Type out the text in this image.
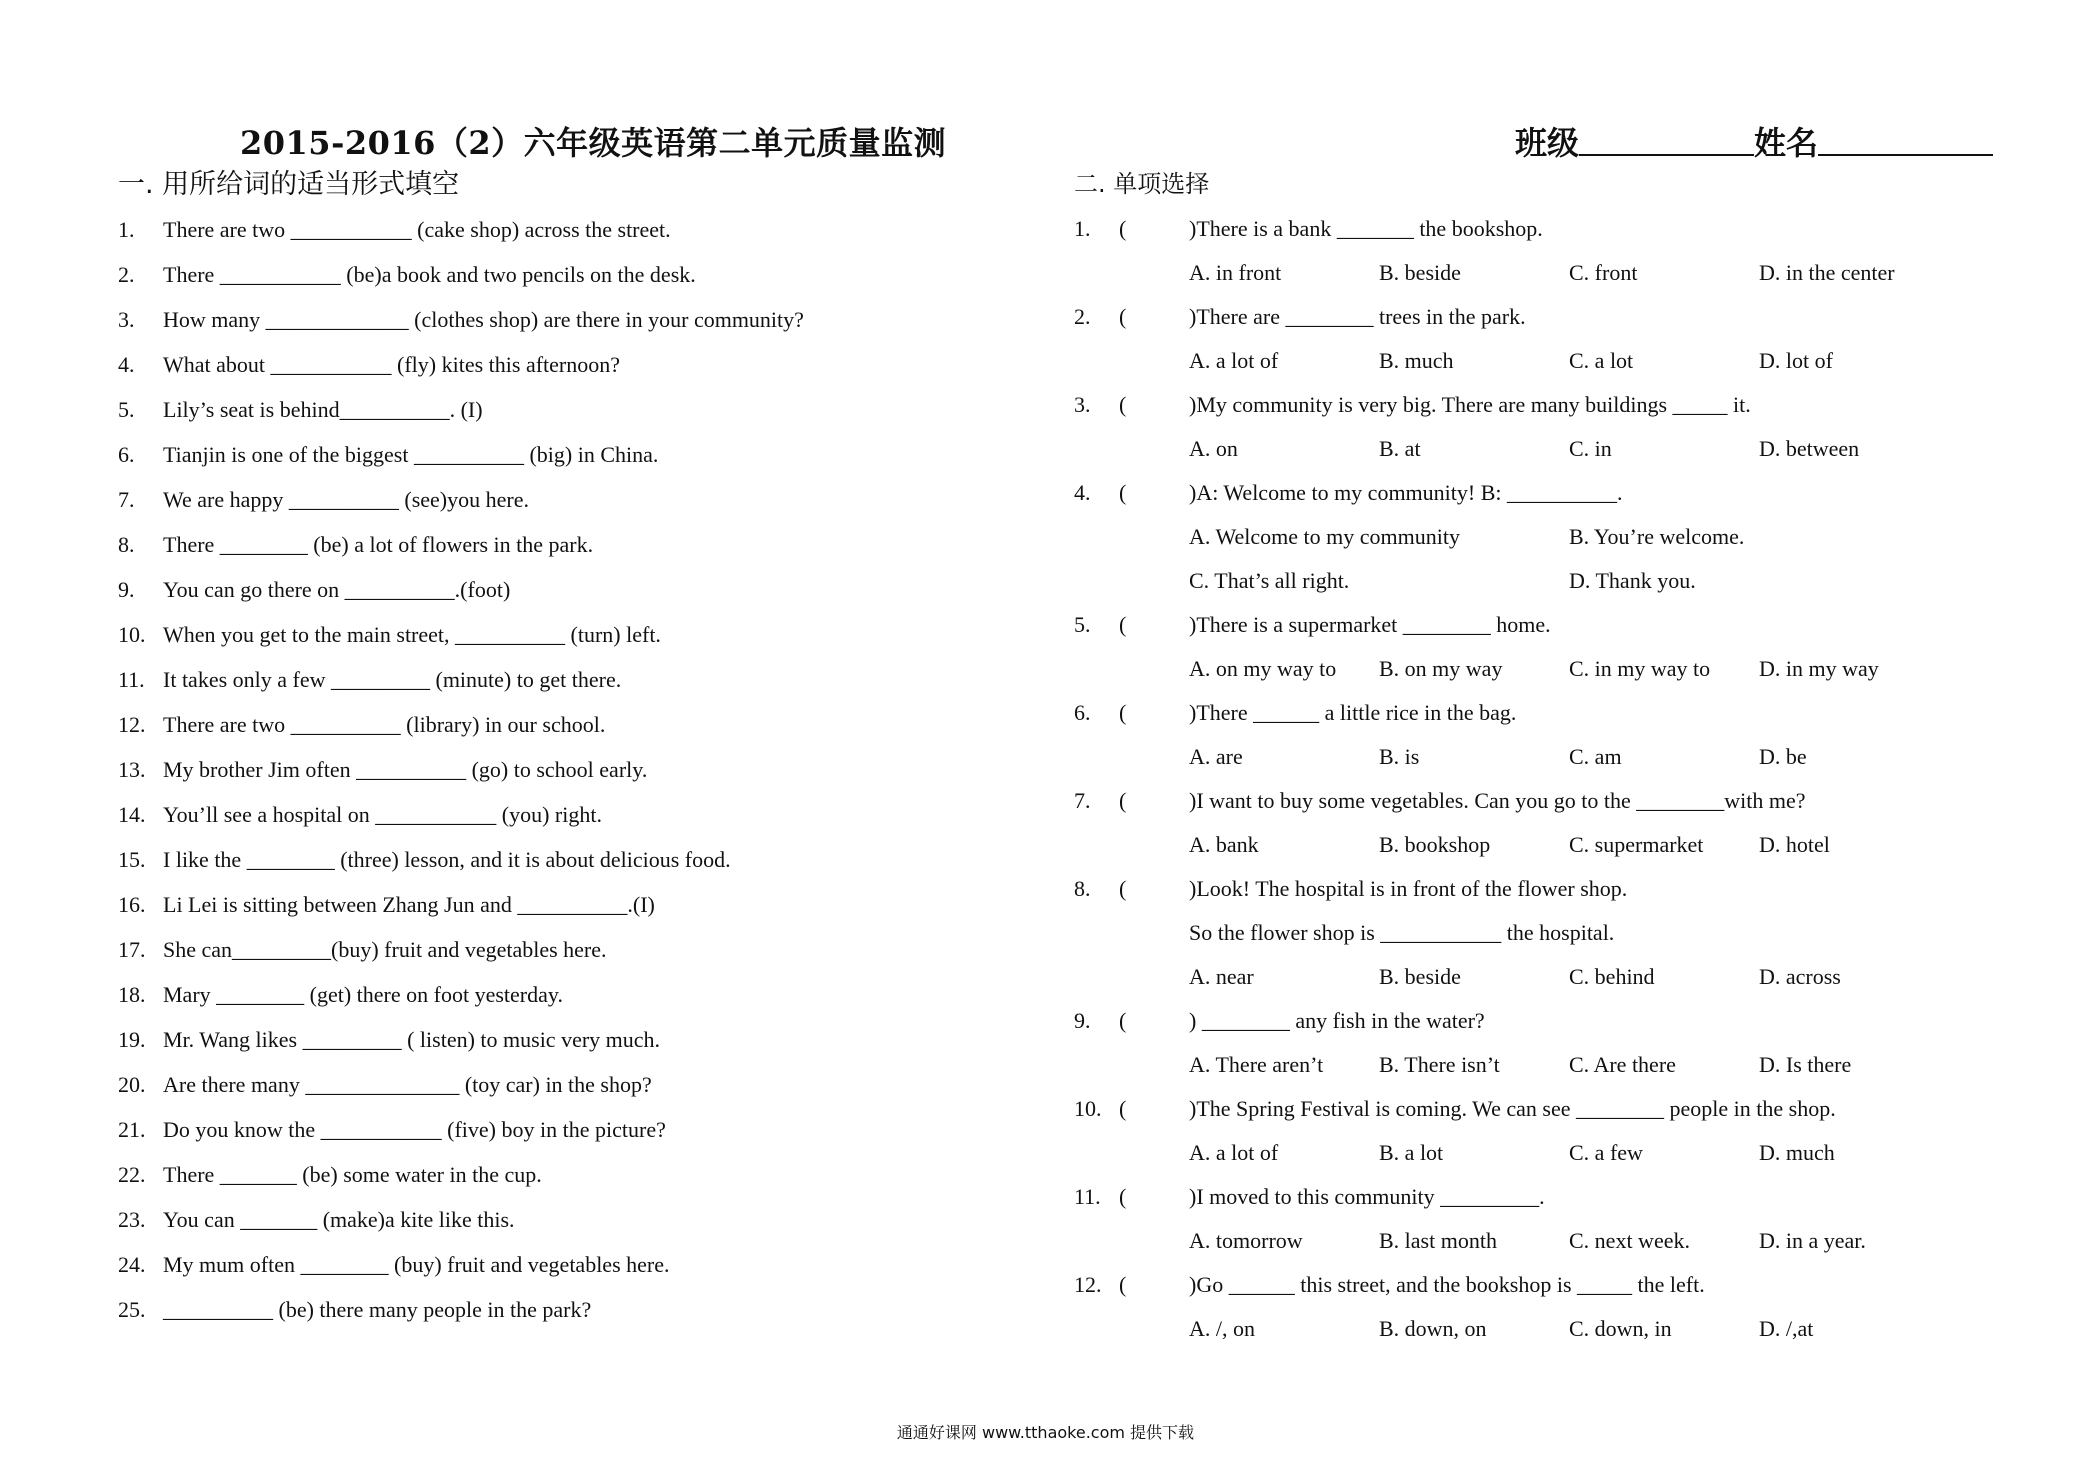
2015-2016（2）六年级英语第二单元质量监测	班级	姓名
一. 用所给词的适当形式填空
1.	There are two ___________ (cake shop) across the street.
2.	There ___________ (be)a book and two pencils on the desk.
3.	How many _____________ (clothes shop) are there in your community?
4.	What about ___________ (fly) kites this afternoon?
5.	Lily’s seat is behind__________. (I)
6.	Tianjin is one of the biggest __________ (big) in China.
7.	We are happy __________ (see)you here.
8.	There ________ (be) a lot of flowers in the park.
9.	You can go there on __________.(foot)
10. When you get to the main street, __________ (turn) left.
11. It takes only a few _________ (minute) to get there.
12. There are two __________ (library) in our school.
13. My brother Jim often __________ (go) to school early.
14. You’ll see a hospital on ___________ (you) right.
15. I like the ________ (three) lesson, and it is about delicious food.
16. Li Lei is sitting between Zhang Jun and __________.(I)
17. She can_________(buy) fruit and vegetables here.
18. Mary ________ (get) there on foot yesterday.
19. Mr. Wang likes _________ ( listen) to music very much.
20. Are there many ______________ (toy car) in the shop?
21. Do you know the ___________ (five) boy in the picture?
22. There _______ (be) some water in the cup.
23. You can _______ (make)a kite like this.
24. My mum often ________ (buy) fruit and vegetables here.
25. __________ (be) there many people in the park?
二. 单项选择
1.	(	)There is a bank _______ the bookshop.
A. in front	B. beside	C. front	D. in the center
2.	(	)There are ________ trees in the park.
A. a lot of	B. much	C. a lot	D. lot of
3.	(	)My community is very big. There are many buildings _____ it.
A. on	B. at	C. in	D. between
4.	(	)A: Welcome to my community! B: __________.
A. Welcome to my community	B. You’re welcome.
C. That’s all right.	D. Thank you.
5.	(	)There is a supermarket ________ home.
A. on my way to	B. on my way	C. in my way to	D. in my way
6.	(	)There ______ a little rice in the bag.
A. are	B. is	C. am	D. be
7.	(	)I want to buy some vegetables. Can you go to the ________with me?
A. bank	B. bookshop	C. supermarket	D. hotel
8.	(	)Look! The hospital is in front of the flower shop.
So the flower shop is ___________ the hospital.
A. near	B. beside	C. behind	D. across
9.	(	) ________ any fish in the water?
A. There aren’t	B. There isn’t	C. Are there	D. Is there
10. (	)The Spring Festival is coming. We can see ________ people in the shop.
A. a lot of	B. a lot	C. a few	D. much
11. (	)I moved to this community _________.
A. tomorrow	B. last month	C. next week.	D. in a year.
12. (	)Go ______ this street, and the bookshop is _____ the left.
A. /, on	B. down, on	C. down, in	D. /,at
通通好课网 www.tthaoke.com 提供下载
